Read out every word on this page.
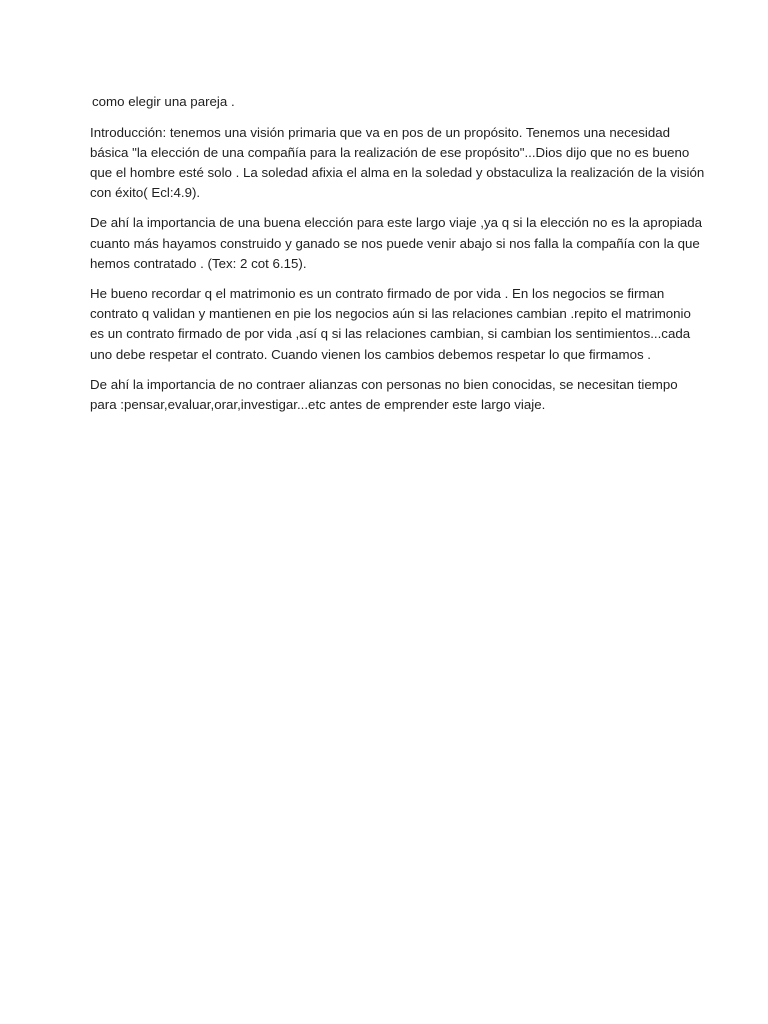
como elegir una pareja .

Introducción: tenemos una visión primaria que va en pos de un propósito. Tenemos una necesidad
básica "la elección de una compañía para la realización de ese propósito"...Dios dijo que no es bueno
que el hombre esté solo . La soledad afixia el alma en la soledad y obstaculiza la realización de la visión
con éxito( Ecl:4.9).

De ahí la importancia de una buena elección para este largo viaje ,ya q si la elección no es la apropiada
cuanto más hayamos construido y ganado se nos puede venir abajo si nos falla la compañía con la que
hemos contratado . (Tex: 2 cot 6.15).

He bueno recordar q el matrimonio es un contrato firmado de por vida . En los negocios se firman
contrato q validan y mantienen en pie los negocios aún si las relaciones cambian .repito el matrimonio
es un contrato firmado de por vida ,así q si las relaciones cambian, si cambian los sentimientos...cada
uno debe respetar el contrato. Cuando vienen los cambios debemos respetar lo que firmamos .

De ahí la importancia de no contraer alianzas con personas no bien conocidas, se necesitan tiempo
para :pensar,evaluar,orar,investigar...etc antes de emprender este largo viaje.
